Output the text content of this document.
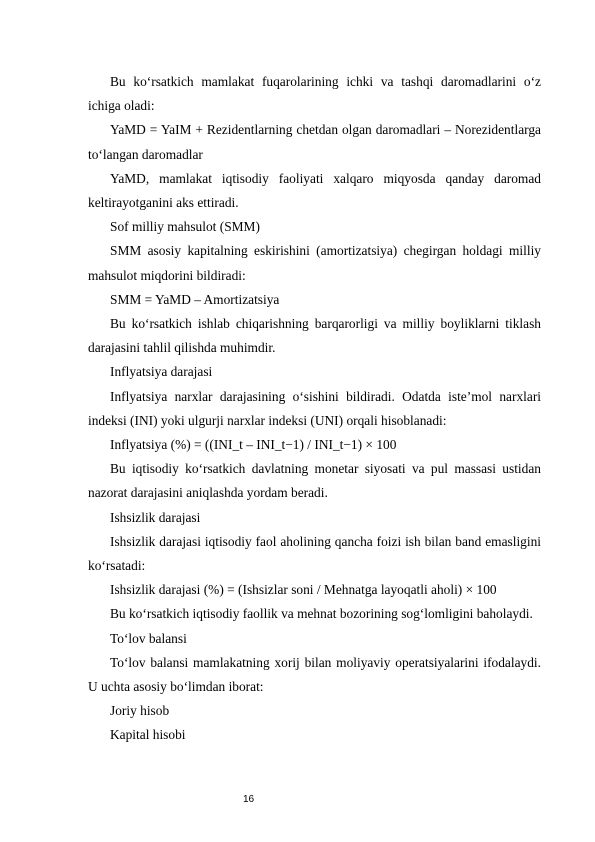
Bu ko‘rsatkich mamlakat fuqarolarining ichki va tashqi daromadlarini o‘z ichiga oladi:

YaMD = YaIM + Rezidentlarning chetdan olgan daromadlari – Norezidentlarga to‘langan daromadlar

YaMD, mamlakat iqtisodiy faoliyati xalqaro miqyosda qanday daromad keltirayotganini aks ettiradi.

Sof milliy mahsulot (SMM)

SMM asosiy kapitalning eskirishini (amortizatsiya) chegirgan holdagi milliy mahsulot miqdorini bildiradi:

SMM = YaMD – Amortizatsiya

Bu ko‘rsatkich ishlab chiqarishning barqarorligi va milliy boyliklarni tiklash darajasini tahlil qilishda muhimdir.

Inflyatsiya darajasi

Inflyatsiya narxlar darajasining o‘sishini bildiradi. Odatda iste’mol narxlari indeksi (INI) yoki ulgurji narxlar indeksi (UNI) orqali hisoblanadi:

Inflyatsiya (%) = ((INI_t – INI_t−1) / INI_t−1) × 100

Bu iqtisodiy ko‘rsatkich davlatning monetar siyosati va pul massasi ustidan nazorat darajasini aniqlashda yordam beradi.

Ishsizlik darajasi

Ishsizlik darajasi iqtisodiy faol aholining qancha foizi ish bilan band emasligini ko‘rsatadi:

Ishsizlik darajasi (%) = (Ishsizlar soni / Mehnatga layoqatli aholi) × 100

Bu ko‘rsatkich iqtisodiy faollik va mehnat bozorining sog‘lomligini baholaydi.

To‘lov balansi

To‘lov balansi mamlakatning xorij bilan moliyaviy operatsiyalarini ifodalaydi. U uchta asosiy bo‘limdan iborat:

Joriy hisob

Kapital hisobi

16
